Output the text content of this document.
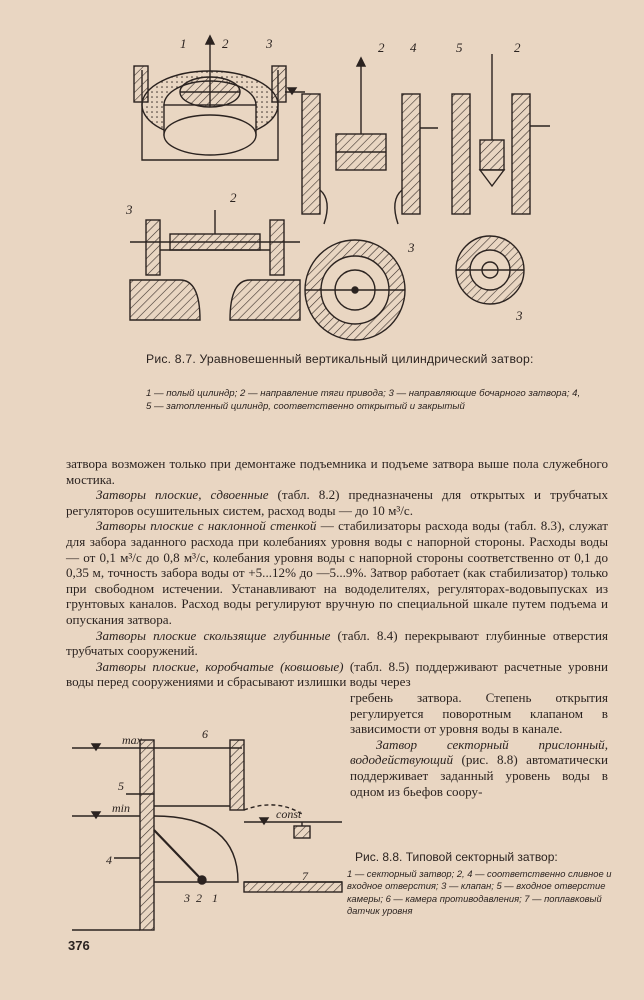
1	2	3	2 4	5	2
3
2
3
3
Рис. 8.7. Уравновешенный вертикальный цилиндрический затвор:
1 — полый цилиндр; 2 — направление тяги привода; 3 — направляющие бочарного затвора; 4, 5 — затопленный цилиндр, соответственно открытый и закрытый

затвора возможен только при демонтаже подъемника и подъеме затвора выше пола служебного мостика.

Затворы плоские, сдвоенные (табл. 8.2) предназначены для открытых и трубчатых регуляторов осушительных систем, расход воды — до 10 м³/с.

Затворы плоские с наклонной стенкой — стабилизаторы расхода воды (табл. 8.3), служат для забора заданного расхода при колебаниях уровня воды с напорной стороны. Расходы воды — от 0,1 м³/с до 0,8 м³/с, колебания уровня воды с напорной стороны соответственно от 0,1 до 0,35 м, точность забора воды от +5...12% до —5...9%. Затвор работает (как стабилизатор) только при свободном истечении. Устанавливают на вододелителях, регуляторах-водовыпусках из грунтовых каналов. Расход воды регулируют вручную по специальной шкале путем подъема и опускания затвора.

Затворы плоские скользящие глубинные (табл. 8.4) перекрывают глубинные отверстия трубчатых сооружений.

Затворы плоские, коробчатые (ковшовые) (табл. 8.5) поддерживают расчетные уровни воды перед сооружениями и сбрасывают излишки воды через

гребень затвора. Степень открытия регулируется поворотным клапаном в зависимости от уровня воды в канале.

Затвор секторный прислонный, вододействующий (рис. 8.8) автоматически поддерживает заданный уровень воды в одном из бьефов соору-

max
min	const
6
5
4
3 2 1
7
Рис. 8.8. Типовой секторный затвор:
1 — секторный затвор; 2, 4 — соответственно сливное и входное отверстия; 3 — клапан; 5 — входное отверстие камеры; 6 — камера противодавления; 7 — поплавковый датчик уровня
376
